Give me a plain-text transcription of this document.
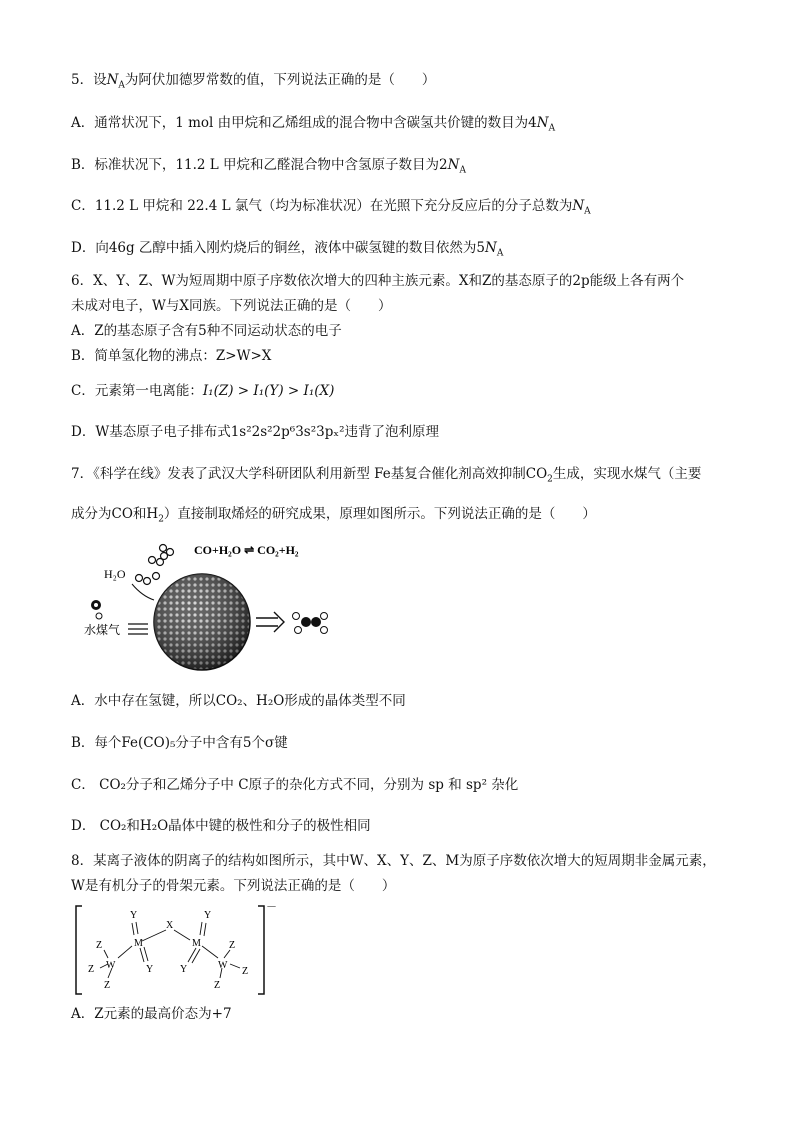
5．设$N_A$为阿伏加德罗常数的值，下列说法正确的是（　　）
A．通常状况下，1 mol 由甲烷和乙烯组成的混合物中含碳氢共价键的数目为$4N_A$
B．标准状况下，11.2 L 甲烷和乙醛混合物中含氢原子数目为$2N_A$
C．11.2 L 甲烷和 22.4 L 氯气（均为标准状况）在光照下充分反应后的分子总数为$N_A$
D．向46g 乙醇中插入刚灼烧后的铜丝，液体中碳氢键的数目依然为$5N_A$
6．X、Y、Z、W为短周期中原子序数依次增大的四种主族元素。X和Z的基态原子的2p能级上各有两个
未成对电子，W与X同族。下列说法正确的是（　　）
A．Z的基态原子含有5种不同运动状态的电子
B．简单氢化物的沸点：Z>W>X
C．元素第一电离能：I₁(Z) > I₁(Y) > I₁(X)
D．W基态原子电子排布式1s²2s²2p⁶3s²3pₓ²违背了泡利原理
7．《科学在线》发表了武汉大学科研团队利用新型 Fe基复合催化剂高效抑制$CO_2$生成，实现水煤气（主要
成分为CO和$H_2$）直接制取烯烃的研究成果，原理如图所示。下列说法正确的是（　　）
H₂O
CO+H₂O ⇌ CO₂+H₂
水煤气
A．水中存在氢键，所以CO₂、H₂O形成的晶体类型不同
B．每个Fe(CO)₅分子中含有5个σ键
C． CO₂分子和乙烯分子中 C原子的杂化方式不同，分别为 sp 和 sp² 杂化
D． CO₂和H₂O晶体中键的极性和分子的极性相同
8．某离子液体的阴离子的结构如图所示，其中W、X、Y、Z、M为原子序数依次增大的短周期非金属元素，
W是有机分子的骨架元素。下列说法正确的是（　　）
－
Y
X
Y
Z	M	M	Z
Z W	Y	Y	W
Z
Z	Z
A．Z元素的最高价态为+7
